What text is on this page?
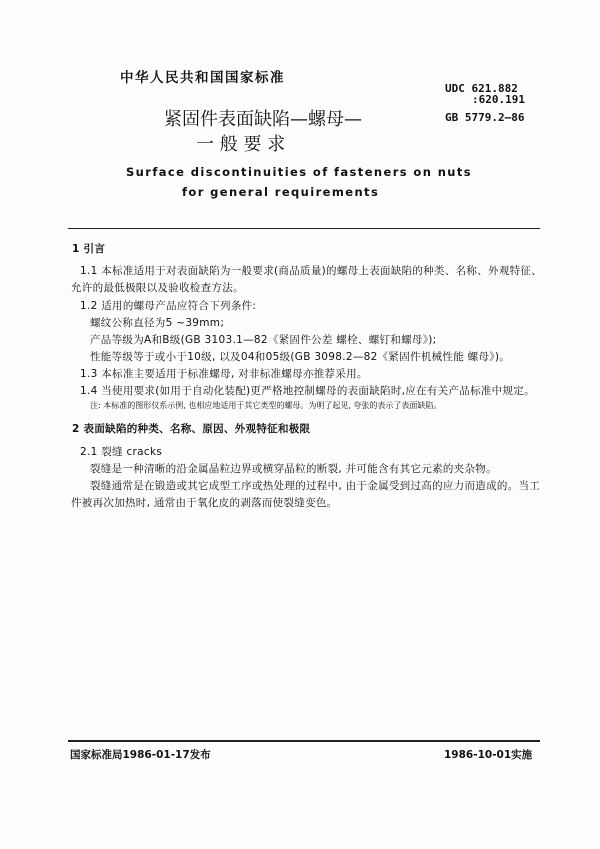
中华人民共和国国家标准
UDC 621.882
:620.191
GB 5779.2—86
紧固件表面缺陷—螺母—
一 般 要 求
Surface discontinuities of fasteners on nuts
for general requirements
1 引言
1.1 本标准适用于对表面缺陷为一般要求(商品质量)的螺母上表面缺陷的种类、名称、外观特征、
允许的最低极限以及验收检查方法。
1.2 适用的螺母产品应符合下列条件:
螺纹公称直径为5 ~39mm;
产品等级为A和B级(GB 3103.1—82《紧固件公差 螺栓、螺钉和螺母》);
性能等级等于或小于10级, 以及04和05级(GB 3098.2—82《紧固件机械性能 螺母》)。
1.3 本标准主要适用于标准螺母, 对非标准螺母亦推荐采用。
1.4 当使用要求(如用于自动化装配)更严格地控制螺母的表面缺陷时,应在有关产品标准中规定。
注: 本标准的图形仅系示例, 也相应地适用于其它类型的螺母。为明了起见, 夸张的表示了表面缺陷。
2 表面缺陷的种类、名称、原因、外观特征和极限
2.1 裂缝 cracks
裂缝是一种清晰的沿金属晶粒边界或横穿晶粒的断裂, 并可能含有其它元素的夹杂物。
裂缝通常是在锻造或其它成型工序或热处理的过程中, 由于金属受到过高的应力而造成的。当工
件被再次加热时, 通常由于氧化皮的剥落而使裂缝变色。
国家标准局1986-01-17发布	1986-10-01实施
